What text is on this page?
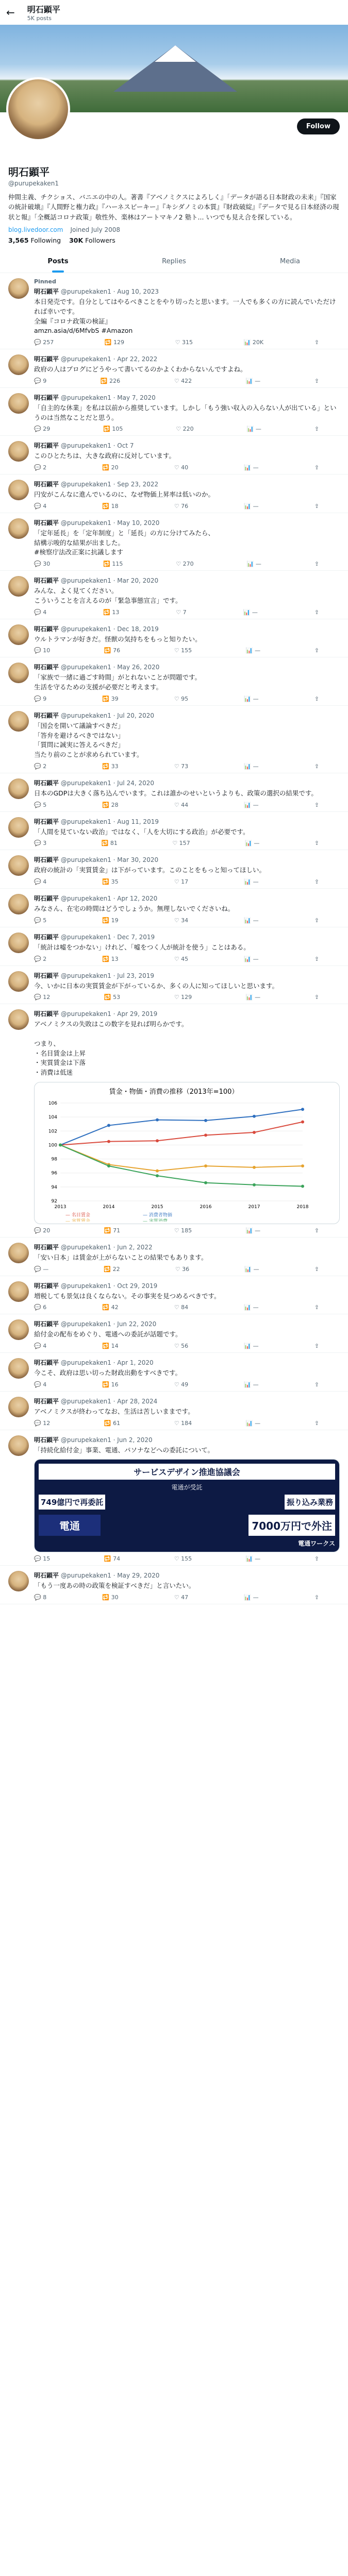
← 明石顕平
5K posts
Follow
明石顕平
@purupekaken1
仲間主義、チクショス、バニエの中の人。著書『アベノミクスによろしく』「データが語る日本財政の未来」『国家の統計破壊』『人間野と権力政』『ハーネスピーキー』『キシダノミの本質』『財政破綻』『データで見る日本経済の現状と報』「全概話コロナ政策」敬性外、楽林はアートマキノ2 塾ト... いつでも見え合を探している。
blog.livedoor.com Joined July 2008
3,565 Following 30K Followers
Posts	Replies	Media
Pinned
明石顕平 @purupekaken1 · Aug 10, 2023
本日発売です。自分としてはやるべきことをやり切ったと思います。一人でも多くの方に読んでいただければ幸いです。
全編『コロナ政策の検証』
amzn.asia/d/6MfvbS #Amazon
💬 257	🔁 129	♡ 315	📊 20K	⇪
明石顕平 @purupekaken1 · Apr 22, 2022
政府の人はブログにどうやって書いてるのかよくわからないんですよね。
💬 9	🔁 226	♡ 422	📊 —	⇪
明石顕平 @purupekaken1 · May 7, 2020
「自主的な休業」を私は以前から推奨しています。しかし「もう強い収入の入らない人が出ている」というのは当然なことだと思う。
💬 29	🔁 105	♡ 220	📊 —	⇪
明石顕平 @purupekaken1 · Oct 7
このひとたちは、大きな政府に反対しています。
💬 2	🔁 20	♡ 40	📊 —	⇪
明石顕平 @purupekaken1 · Sep 23, 2022
円安がこんなに進んでいるのに、なぜ物価上昇率は低いのか。
💬 4	🔁 18	♡ 76	📊 —	⇪
明石顕平 @purupekaken1 · May 10, 2020
「定年延長」を「定年制度」と「延長」の方に分けてみたら、
結構示唆的な結果が出ました。
#検察庁法改正案に抗議します
💬 30	🔁 115	♡ 270	📊 —	⇪
明石顕平 @purupekaken1 · Mar 20, 2020
みんな、よく見てください。
こういうことを言えるのが「緊急事態宣言」です。
💬 4	🔁 13	♡ 7	📊 —	⇪
明石顕平 @purupekaken1 · Dec 18, 2019
ウルトラマンが好きだ。怪獣の気持ちをもっと知りたい。
💬 10	🔁 76	♡ 155	📊 —	⇪
明石顕平 @purupekaken1 · May 26, 2020
「家族で一緒に過ごす時間」がとれないことが問題です。
生活を守るための支援が必要だと考えます。
💬 9	🔁 39	♡ 95	📊 —	⇪
明石顕平 @purupekaken1 · Jul 20, 2020
「国会を開いて議論すべきだ」
「答弁を避けるべきではない」
「質問に誠実に答えるべきだ」
当たり前のことが求められています。
💬 2	🔁 33	♡ 73	📊 —	⇪
明石顕平 @purupekaken1 · Jul 24, 2020
日本のGDPは大きく落ち込んでいます。これは誰かのせいというよりも、政策の選択の結果です。
💬 5	🔁 28	♡ 44	📊 —	⇪
明石顕平 @purupekaken1 · Aug 11, 2019
「人間を見ていない政治」ではなく、「人を大切にする政治」が必要です。
💬 3	🔁 81	♡ 157	📊 —	⇪
明石顕平 @purupekaken1 · Mar 30, 2020
政府の統計の「実質賃金」は下がっています。このことをもっと知ってほしい。
💬 4	🔁 35	♡ 17	📊 —	⇪
明石顕平 @purupekaken1 · Apr 12, 2020
みなさん、在宅の時間はどうでしょうか。無理しないでくださいね。
💬 5	🔁 19	♡ 34	📊 —	⇪
明石顕平 @purupekaken1 · Dec 7, 2019
「統計は嘘をつかない」けれど、「嘘をつく人が統計を使う」ことはある。
💬 2	🔁 13	♡ 45	📊 —	⇪
明石顕平 @purupekaken1 · Jul 23, 2019
今、いかに日本の実質賃金が下がっているか、多くの人に知ってほしいと思います。
💬 12	🔁 53	♡ 129	📊 —	⇪
明石顕平 @purupekaken1 · Apr 29, 2019
アベノミクスの失敗はこの数字を見れば明らかです。

つまり、
・名目賃金は上昇
・実質賃金は下落
・消費は低迷
賃金・物価・消費の推移（2013年=100）
92
94
96
98
100
102
104
106
2013	2014	2015	2016	2017	2018
— 名目賃金	— 消費者物価
— 実質賃金	— 実質消費
💬 20	🔁 71	♡ 185	📊 —	⇪
明石顕平 @purupekaken1 · Jun 2, 2022
「安い日本」は賃金が上がらないことの結果でもあります。
💬 —	🔁 22	♡ 36	📊 —	⇪
明石顕平 @purupekaken1 · Oct 29, 2019
増税しても景気は良くならない。その事実を見つめるべきです。
💬 6	🔁 42	♡ 84	📊 —	⇪
明石顕平 @purupekaken1 · Jun 22, 2020
給付金の配布をめぐり、電通への委託が話題です。
💬 4	🔁 14	♡ 56	📊 —	⇪
明石顕平 @purupekaken1 · Apr 1, 2020
今こそ、政府は思い切った財政出動をすべきです。
💬 4	🔁 16	♡ 49	📊 —	⇪
明石顕平 @purupekaken1 · Apr 28, 2024
アベノミクスが終わってなお、生活は苦しいままです。
💬 12	🔁 61	♡ 184	📊 —	⇪
明石顕平 @purupekaken1 · Jun 2, 2020
「持続化給付金」事業、電通、パソナなどへの委託について。
サービスデザイン推進協議会
電通が受託
749億円で再委託	振り込み業務
電通	7000万円で外注
電通ワークス
💬 15	🔁 74	♡ 155	📊 —	⇪
明石顕平 @purupekaken1 · May 29, 2020
「もう一度あの時の政策を検証すべきだ」と言いたい。
💬 8	🔁 30	♡ 47	📊 —	⇪
